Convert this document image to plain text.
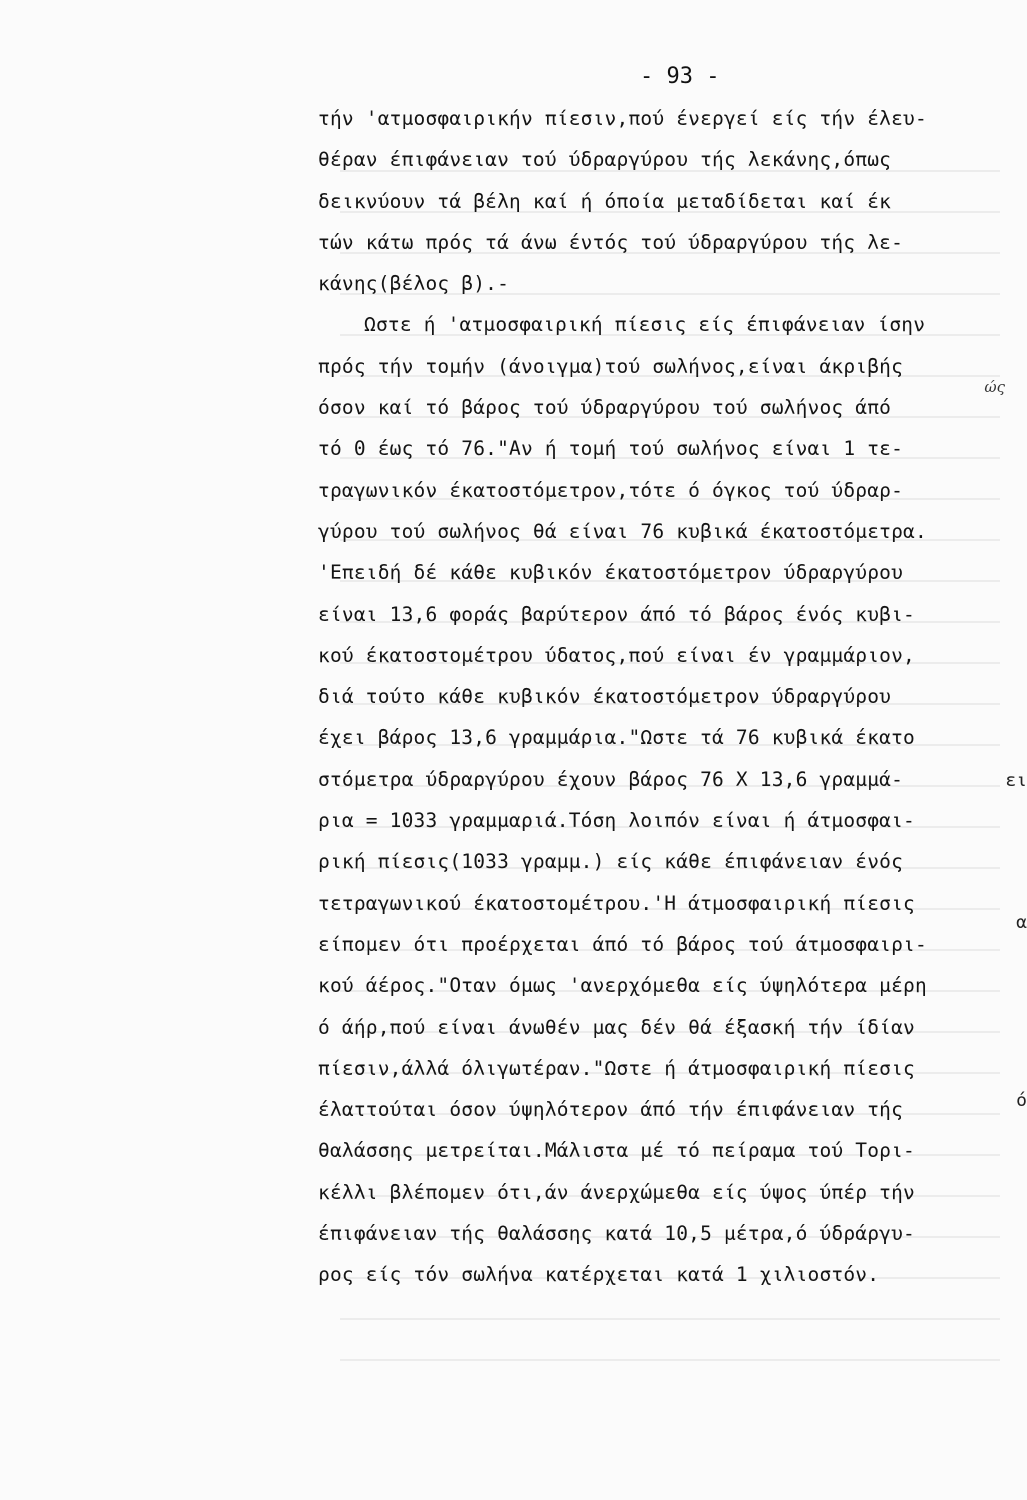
- 93 -
τήν 'ατμοσφαιρικήν πίεσιν,πού ένεργεί είς τήν έλευ-
θέραν έπιφάνειαν τού ύδραργύρου τής λεκάνης,όπως
δεικνύουν τά βέλη καί ή όποία μεταδίδεται καί έκ
τών κάτω πρός τά άνω έντός τού ύδραργύρου τής λε-
κάνης(βέλος β).-
Ωστε ή 'ατμοσφαιρική πίεσις είς έπιφάνειαν ίσην
πρός τήν τομήν (άνοιγμα)τού σωλήνος,είναι άκριβής
όσον καί τό βάρος τού ύδραργύρου τού σωλήνος άπό
τό 0 έως τό 76."Αν ή τομή τού σωλήνος είναι 1 τε-
τραγωνικόν έκατοστόμετρον,τότε ό όγκος τού ύδραρ-
γύρου τού σωλήνος θά είναι 76 κυβικά έκατοστόμετρα.
'Επειδή δέ κάθε κυβικόν έκατοστόμετρον ύδραργύρου
είναι 13,6 φοράς βαρύτερον άπό τό βάρος ένός κυβι-
κού έκατοστομέτρου ύδατος,πού είναι έν γραμμάριον,
διά τούτο κάθε κυβικόν έκατοστόμετρον ύδραργύρου
έχει βάρος 13,6 γραμμάρια."Ωστε τά 76 κυβικά έκατο
στόμετρα ύδραργύρου έχουν βάρος 76 Χ 13,6 γραμμά-
ρια = 1033 γραμμαριά.Τόση λοιπόν είναι ή άτμοσφαι-
ρική πίεσις(1033 γραμμ.) είς κάθε έπιφάνειαν ένός
τετραγωνικού έκατοστομέτρου.'Η άτμοσφαιρική πίεσις
είπομεν ότι προέρχεται άπό τό βάρος τού άτμοσφαιρι-
κού άέρος."Οταν όμως 'ανερχόμεθα είς ύψηλότερα μέρη
ό άήρ,πού είναι άνωθέν μας δέν θά έξασκή τήν ίδίαν
πίεσιν,άλλά όλιγωτέραν."Ωστε ή άτμοσφαιρική πίεσις
έλαττούται όσον ύψηλότερον άπό τήν έπιφάνειαν τής
θαλάσσης μετρείται.Μάλιστα μέ τό πείραμα τού Τορι-
κέλλι βλέπομεν ότι,άν άνερχώμεθα είς ύψος ύπέρ τήν
έπιφάνειαν τής θαλάσσης κατά 10,5 μέτρα,ό ύδράργυ-
ρος είς τόν σωλήνα κατέρχεται κατά 1 χιλιοστόν.
ώς
ει
α
ό
